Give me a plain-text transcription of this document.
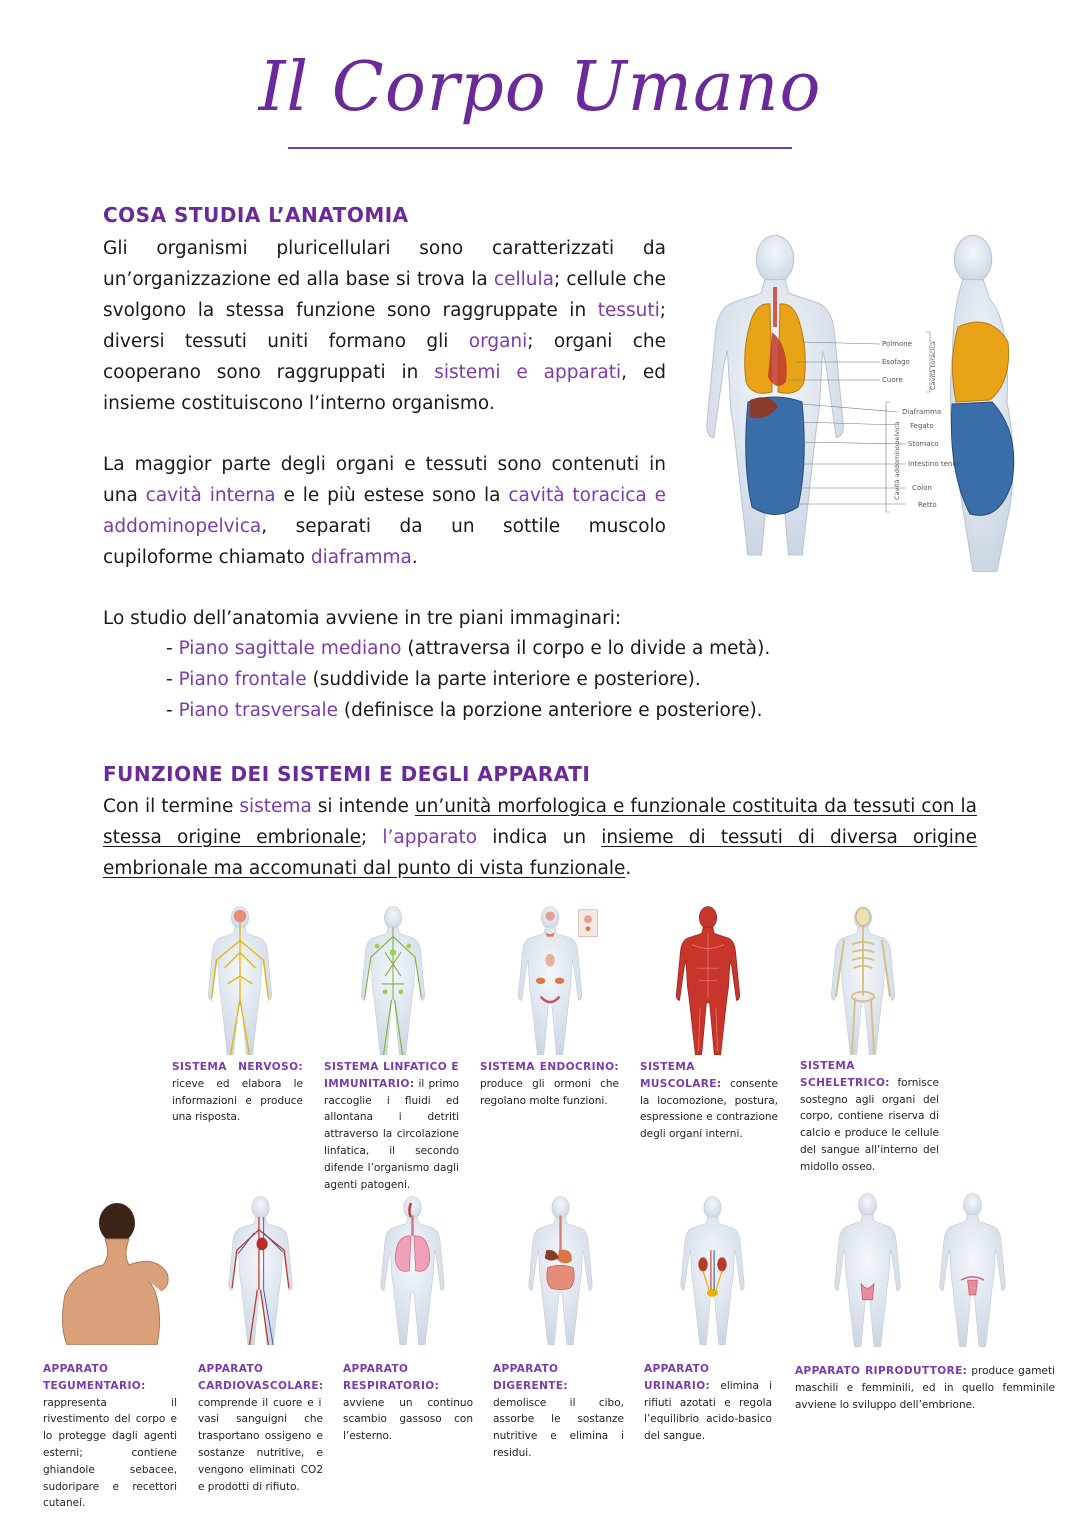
Il Corpo Umano
COSA STUDIA L’ANATOMIA
Gli organismi pluricellulari sono caratterizzati da un’organizzazione ed alla base si trova la cellula; cellule che svolgono la stessa funzione sono raggruppate in tessuti; diversi tessuti uniti formano gli organi; organi che cooperano sono raggruppati in sistemi e apparati, ed insieme costituiscono l’interno organismo.
La maggior parte degli organi e tessuti sono contenuti in una cavità interna e le più estese sono la cavità toracica e addominopelvica, separati da un sottile muscolo cupiloforme chiamato diaframma.
Lo studio dell’anatomia avviene in tre piani immaginari:
- Piano sagittale mediano (attraversa il corpo e lo divide a metà).
- Piano frontale (suddivide la parte interiore e posteriore).
- Piano trasversale (definisce la porzione anteriore e posteriore).
Polmone
Esofago
Cuore
Diaframma
Fegato
Stomaco
Intestino tenue
Colon
Retto
Cavità toracica
Cavità addominopelvica
FUNZIONE DEI SISTEMI E DEGLI APPARATI
Con il termine sistema si intende un’unità morfologica e funzionale costituita da tessuti con la stessa origine embrionale; l’apparato indica un insieme di tessuti di diversa origine embrionale ma accomunati dal punto di vista funzionale.
SISTEMA NERVOSO: riceve ed elabora le informazioni e produce una risposta.
SISTEMA LINFATICO E IMMUNITARIO: il primo raccoglie i fluidi ed allontana i detriti attraverso la circolazione linfatica, il secondo difende l’organismo dagli agenti patogeni.
SISTEMA ENDOCRINO: produce gli ormoni che regolano molte funzioni.
SISTEMA MUSCOLARE: consente la locomozione, postura, espressione e contrazione degli organi interni.
SISTEMA SCHELETRICO: fornisce sostegno agli organi del corpo, contiene riserva di calcio e produce le cellule del sangue all’interno del midollo osseo.
APPARATO TEGUMENTARIO: rappresenta il rivestimento del corpo e lo protegge dagli agenti esterni; contiene ghiandole sebacee, sudoripare e recettori cutanei.
APPARATO CARDIOVASCOLARE: comprende il cuore e i vasi sanguigni che trasportano ossigeno e sostanze nutritive, e vengono eliminati CO2 e prodotti di rifiuto.
APPARATO RESPIRATORIO: avviene un continuo scambio gassoso con l’esterno.
APPARATO DIGERENTE: demolisce il cibo, assorbe le sostanze nutritive e elimina i residui.
APPARATO URINARIO: elimina i rifiuti azotati e regola l’equilibrio acido-basico del sangue.
APPARATO RIPRODUTTORE: produce gameti maschili e femminili, ed in quello femminile avviene lo sviluppo dell’embrione.
